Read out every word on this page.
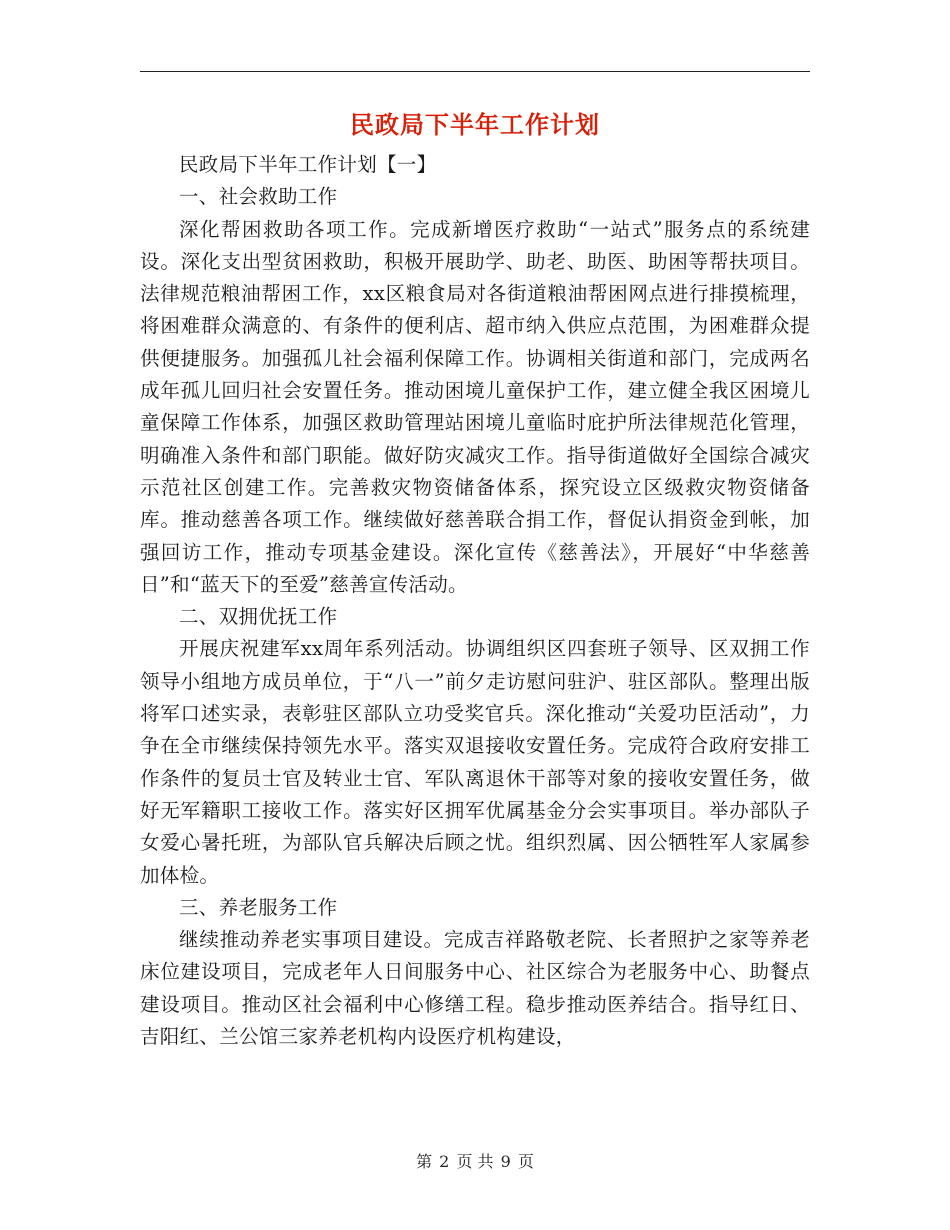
民政局下半年工作计划

民政局下半年工作计划【一】

一、社会救助工作

深化帮困救助各项工作。完成新增医疗救助“一站式”服务点的系统建设。深化支出型贫困救助，积极开展助学、助老、助医、助困等帮扶项目。法律规范粮油帮困工作，xx区粮食局对各街道粮油帮困网点进行排摸梳理，将困难群众满意的、有条件的便利店、超市纳入供应点范围，为困难群众提供便捷服务。加强孤儿社会福利保障工作。协调相关街道和部门，完成两名成年孤儿回归社会安置任务。推动困境儿童保护工作，建立健全我区困境儿童保障工作体系，加强区救助管理站困境儿童临时庇护所法律规范化管理，明确准入条件和部门职能。做好防灾减灾工作。指导街道做好全国综合减灾示范社区创建工作。完善救灾物资储备体系，探究设立区级救灾物资储备库。推动慈善各项工作。继续做好慈善联合捐工作，督促认捐资金到帐，加强回访工作，推动专项基金建设。深化宣传《慈善法》，开展好“中华慈善日”和“蓝天下的至爱”慈善宣传活动。

二、双拥优抚工作

开展庆祝建军xx周年系列活动。协调组织区四套班子领导、区双拥工作领导小组地方成员单位，于“八一”前夕走访慰问驻沪、驻区部队。整理出版将军口述实录，表彰驻区部队立功受奖官兵。深化推动“关爱功臣活动”，力争在全市继续保持领先水平。落实双退接收安置任务。完成符合政府安排工作条件的复员士官及转业士官、军队离退休干部等对象的接收安置任务，做好无军籍职工接收工作。落实好区拥军优属基金分会实事项目。举办部队子女爱心暑托班，为部队官兵解决后顾之忧。组织烈属、因公牺牲军人家属参加体检。

三、养老服务工作

继续推动养老实事项目建设。完成吉祥路敬老院、长者照护之家等养老床位建设项目，完成老年人日间服务中心、社区综合为老服务中心、助餐点建设项目。推动区社会福利中心修缮工程。稳步推动医养结合。指导红日、吉阳红、兰公馆三家养老机构内设医疗机构建设，

第 2 页 共 9 页
